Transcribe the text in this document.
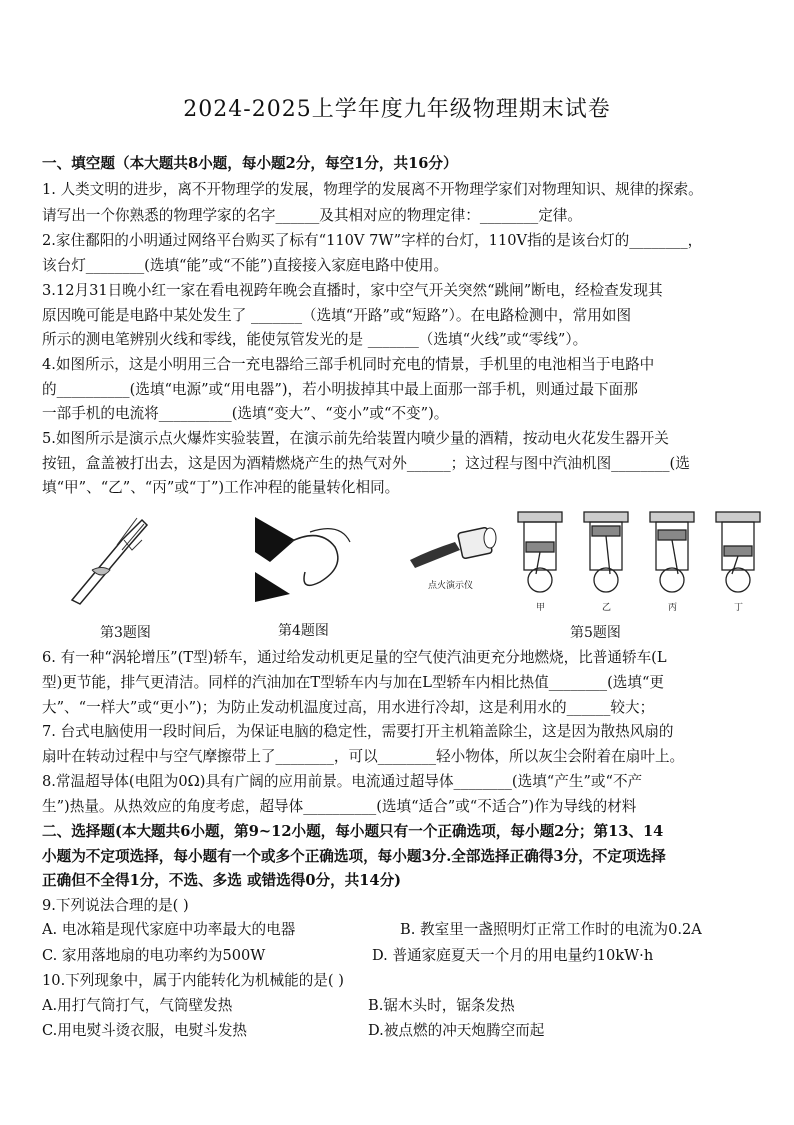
2024-2025上学年度九年级物理期末试卷
一、填空题（本大题共8小题，每小题2分，每空1分，共16分）
1. 人类文明的进步，离不开物理学的发展，物理学的发展离不开物理学家们对物理知识、规律的探索。
请写出一个你熟悉的物理学家的名字______及其相对应的物理定律：________定律。
2.家住鄱阳的小明通过网络平台购买了标有“110V 7W”字样的台灯，110V指的是该台灯的________，
该台灯________(选填“能”或“不能”)直接接入家庭电路中使用。
3.12月31日晚小红一家在看电视跨年晚会直播时，家中空气开关突然“跳闸”断电，经检查发现其
原因晚可能是电路中某处发生了 _______（选填“开路”或“短路”）。在电路检测中，常用如图
所示的测电笔辨别火线和零线，能使氖管发光的是 _______（选填“火线”或“零线”）。
4.如图所示，这是小明用三合一充电器给三部手机同时充电的情景，手机里的电池相当于电路中
的__________(选填“电源”或“用电器”)，若小明拔掉其中最上面那一部手机，则通过最下面那
一部手机的电流将__________(选填“变大”、“变小”或“不变”)。
5.如图所示是演示点火爆炸实验装置，在演示前先给装置内喷少量的酒精，按动电火花发生器开关
按钮，盒盖被打出去，这是因为酒精燃烧产生的热气对外______；这过程与图中汽油机图________(选
填“甲”、“乙”、“丙”或“丁”)工作冲程的能量转化相同。
第3题图	第4题图
点火演示仪
甲	乙	丙	丁
第5题图
6. 有一种“涡轮增压”(T型)轿车，通过给发动机更足量的空气使汽油更充分地燃烧，比普通轿车(L
型)更节能，排气更清洁。同样的汽油加在T型轿车内与加在L型轿车内相比热值________(选填“更
大”、“一样大”或“更小”)；为防止发动机温度过高，用水进行冷却，这是利用水的______较大；
7. 台式电脑使用一段时间后，为保证电脑的稳定性，需要打开主机箱盖除尘，这是因为散热风扇的
扇叶在转动过程中与空气摩擦带上了________，可以________轻小物体，所以灰尘会附着在扇叶上。
8.常温超导体(电阻为0Ω)具有广阔的应用前景。电流通过超导体________(选填“产生”或“不产
生”)热量。从热效应的角度考虑，超导体__________(选填“适合”或“不适合”)作为导线的材料
二、选择题(本大题共6小题，第9~12小题，每小题只有一个正确选项，每小题2分；第13、14
小题为不定项选择，每小题有一个或多个正确选项，每小题3分.全部选择正确得3分，不定项选择
正确但不全得1分，不选、多选 或错选得0分，共14分)
9.下列说法合理的是( )
A. 电冰箱是现代家庭中功率最大的电器	B. 教室里一盏照明灯正常工作时的电流为0.2A
C. 家用落地扇的电功率约为500W	D. 普通家庭夏天一个月的用电量约10kW·h
10.下列现象中，属于内能转化为机械能的是( )
A.用打气筒打气，气筒壁发热	B.锯木头时，锯条发热
C.用电熨斗烫衣服，电熨斗发热	D.被点燃的冲天炮腾空而起
